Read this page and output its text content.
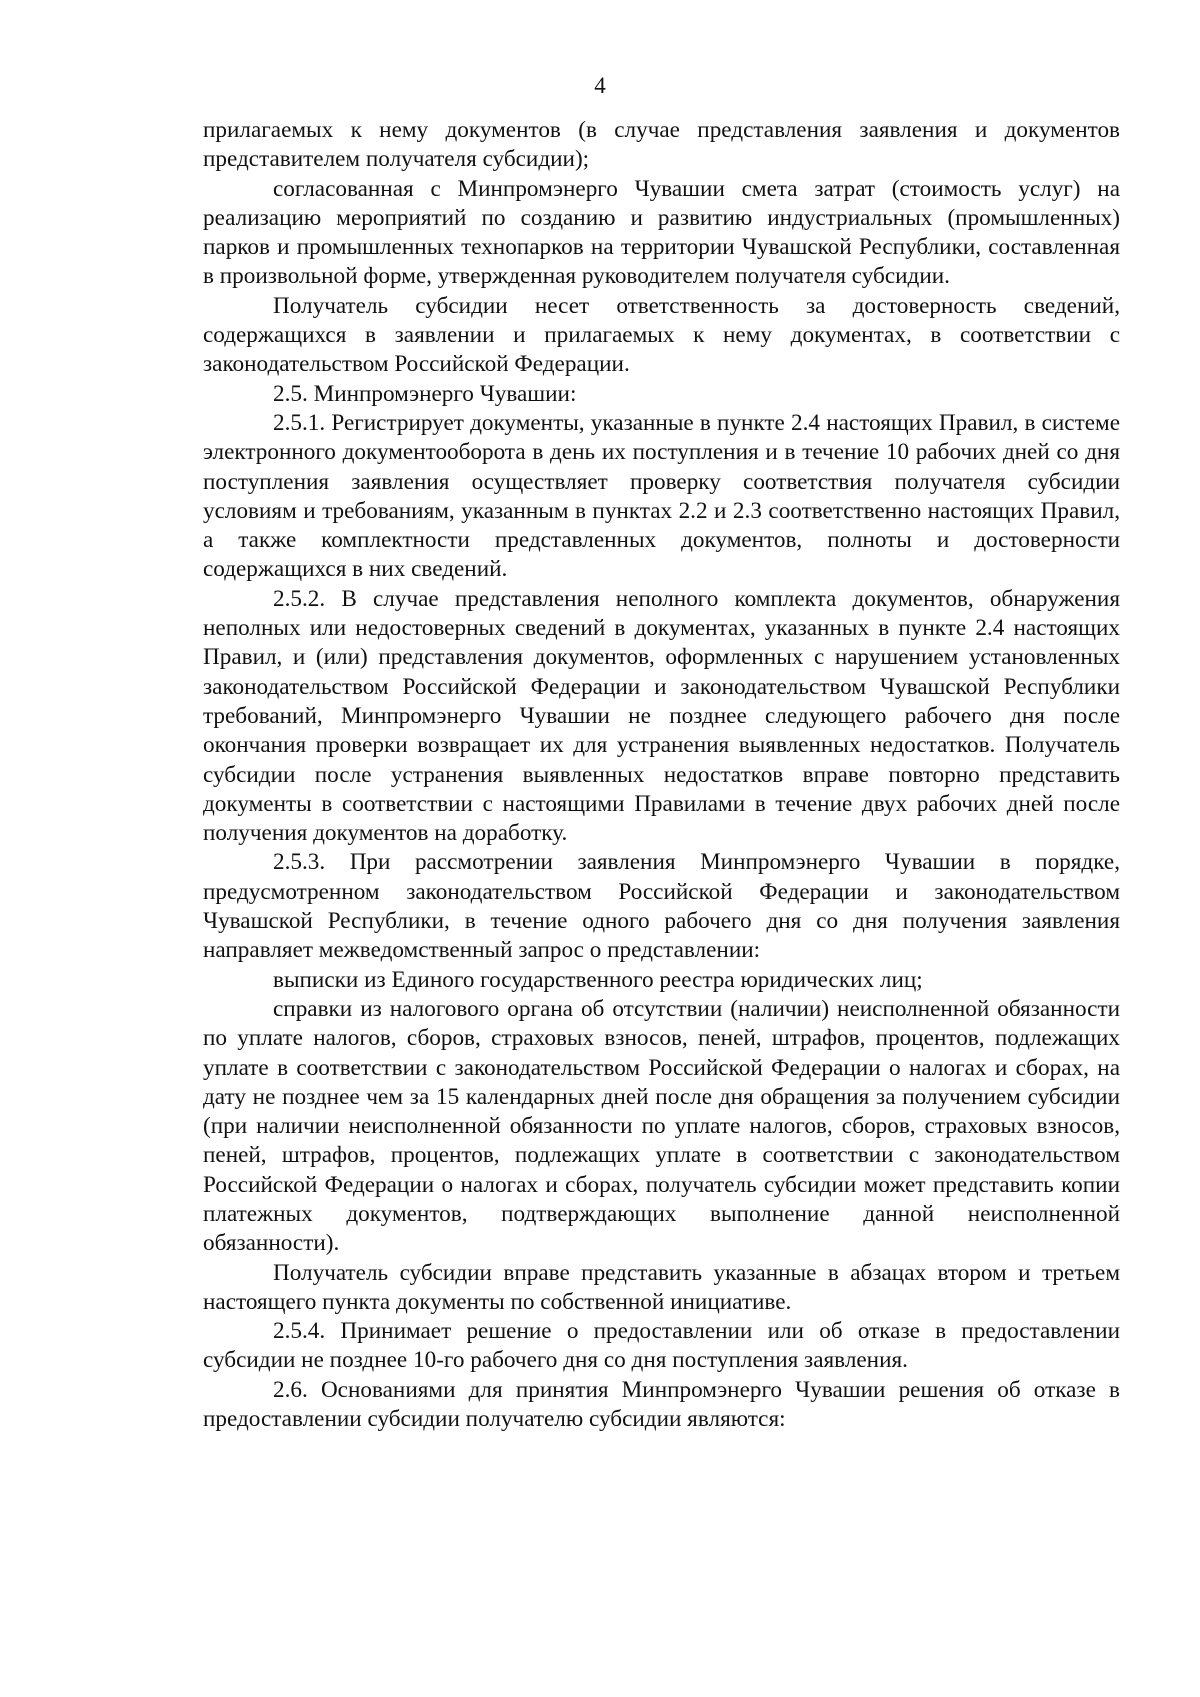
4

прилагаемых к нему документов (в случае представления заявления и документов представителем получателя субсидии);

согласованная с Минпромэнерго Чувашии смета затрат (стоимость услуг) на реализацию мероприятий по созданию и развитию индустриальных (промышленных) парков и промышленных технопарков на территории Чувашской Республики, составленная в произвольной форме, утвержденная руководителем получателя субсидии.

Получатель субсидии несет ответственность за достоверность сведений, содержащихся в заявлении и прилагаемых к нему документах, в соответствии с законодательством Российской Федерации.

2.5. Минпромэнерго Чувашии:

2.5.1. Регистрирует документы, указанные в пункте 2.4 настоящих Правил, в системе электронного документооборота в день их поступления и в течение 10 рабочих дней со дня поступления заявления осуществляет проверку соответствия получателя субсидии условиям и требованиям, указанным в пунктах 2.2 и 2.3 соответственно настоящих Правил, а также комплектности представленных документов, полноты и достоверности содержащихся в них сведений.

2.5.2. В случае представления неполного комплекта документов, обнаружения неполных или недостоверных сведений в документах, указанных в пункте 2.4 настоящих Правил, и (или) представления документов, оформленных с нарушением установленных законодательством Российской Федерации и законодательством Чувашской Республики требований, Минпромэнерго Чувашии не позднее следующего рабочего дня после окончания проверки возвращает их для устранения выявленных недостатков. Получатель субсидии после устранения выявленных недостатков вправе повторно представить документы в соответствии с настоящими Правилами в течение двух рабочих дней после получения документов на доработку.

2.5.3. При рассмотрении заявления Минпромэнерго Чувашии в порядке, предусмотренном законодательством Российской Федерации и законодательством Чувашской Республики, в течение одного рабочего дня со дня получения заявления направляет межведомственный запрос о представлении:

выписки из Единого государственного реестра юридических лиц;

справки из налогового органа об отсутствии (наличии) неисполненной обязанности по уплате налогов, сборов, страховых взносов, пеней, штрафов, процентов, подлежащих уплате в соответствии с законодательством Российской Федерации о налогах и сборах, на дату не позднее чем за 15 календарных дней после дня обращения за получением субсидии (при наличии неисполненной обязанности по уплате налогов, сборов, страховых взносов, пеней, штрафов, процентов, подлежащих уплате в соответствии с законодательством Российской Федерации о налогах и сборах, получатель субсидии может представить копии платежных документов, подтверждающих выполнение данной неисполненной обязанности).

Получатель субсидии вправе представить указанные в абзацах втором и третьем настоящего пункта документы по собственной инициативе.

2.5.4. Принимает решение о предоставлении или об отказе в предоставлении субсидии не позднее 10-го рабочего дня со дня поступления заявления.

2.6. Основаниями для принятия Минпромэнерго Чувашии решения об отказе в предоставлении субсидии получателю субсидии являются:
